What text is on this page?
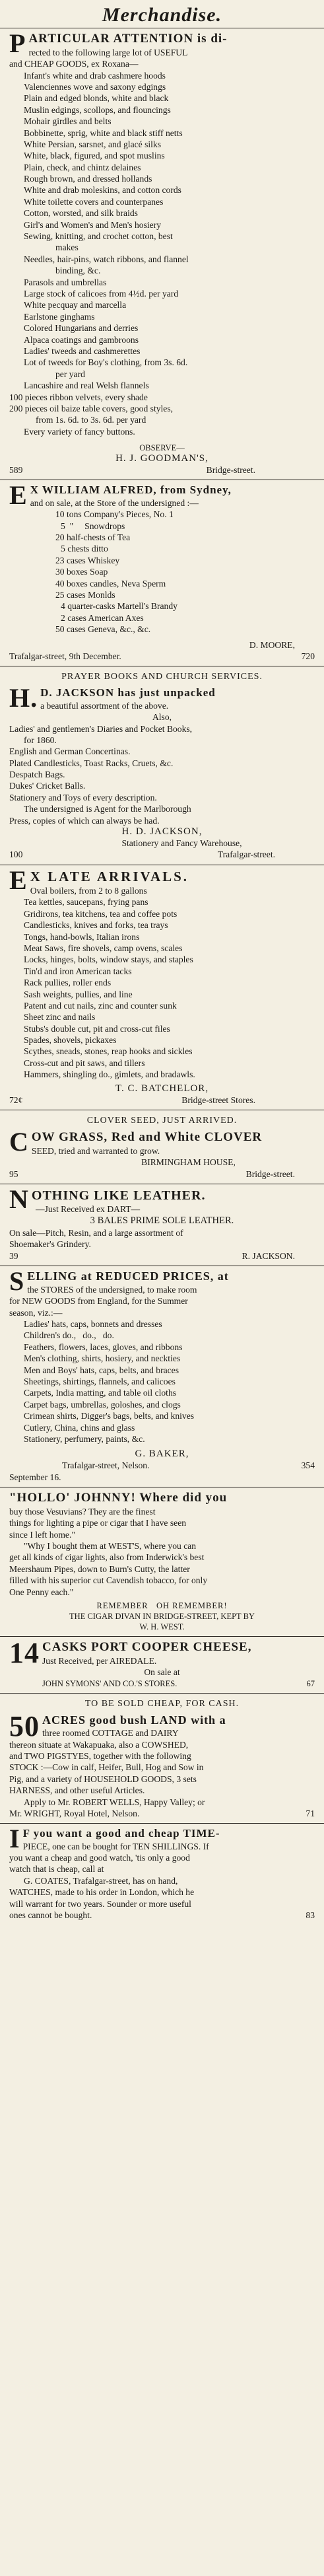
Merchandise.
P ARTICULAR ATTENTION is di-
rected to the following large lot of USEFUL
and CHEAP GOODS, ex Roxana—
Infant's white and drab cashmere hoods
Valenciennes wove and saxony edgings
Plain and edged blonds, white and black
Muslin edgings, scollops, and flouncings
Mohair girdles and belts
Bobbinette, sprig, white and black stiff netts
White Persian, sarsnet, and glacé silks
White, black, figured, and spot muslins
Plain, check, and chintz delaines
Rough brown, and dressed hollands
White and drab moleskins, and cotton cords
White toilette covers and counterpanes
Cotton, worsted, and silk braids
Girl's and Women's and Men's hosiery
Sewing, knitting, and crochet cotton, best
makes
Needles, hair-pins, watch ribbons, and flannel
binding, &c.
Parasols and umbrellas
Large stock of calicoes from 4½d. per yard
White pecquay and marcella
Earlstone ginghams
Colored Hungarians and derries
Alpaca coatings and gambroons
Ladies' tweeds and cashmerettes
Lot of tweeds for Boy's clothing, from 3s. 6d.
per yard
Lancashire and real Welsh flannels
100 pieces ribbon velvets, every shade
200 pieces oil baize table covers, good styles,
from 1s. 6d. to 3s. 6d. per yard
Every variety of fancy buttons.
OBSERVE—
H. J. GOODMAN'S,
589	Bridge-street.
E X WILLIAM ALFRED, from Sydney,
and on sale, at the Store of the undersigned :—
10 tons Company's Pieces, No. 1
5  "     Snowdrops
20 half-chests of Tea
5 chests ditto
23 cases Whiskey
30 boxes Soap
40 boxes candles, Neva Sperm
25 cases Monlds
4 quarter-casks Martell's Brandy
2 cases American Axes
50 cases Geneva, &c., &c.
D. MOORE,
Trafalgar-street, 9th December.	720
PRAYER BOOKS AND CHURCH SERVICES.
H. D. JACKSON has just unpacked
a beautiful assortment of the above.
Also,
Ladies' and gentlemen's Diaries and Pocket Books,
for 1860.
English and German Concertinas.
Plated Candlesticks, Toast Racks, Cruets, &c.
Despatch Bags.
Dukes' Cricket Balls.
Stationery and Toys of every description.
The undersigned is Agent for the Marlborough
Press, copies of which can always be had.
H. D. JACKSON,
Stationery and Fancy Warehouse,
100	Trafalgar-street.
E X LATE ARRIVALS.
Oval boilers, from 2 to 8 gallons
Tea kettles, saucepans, frying pans
Gridirons, tea kitchens, tea and coffee pots
Candlesticks, knives and forks, tea trays
Tongs, hand-bowls, Italian irons
Meat Saws, fire shovels, camp ovens, scales
Locks, hinges, bolts, window stays, and staples
Tin'd and iron American tacks
Rack pullies, roller ends
Sash weights, pullies, and line
Patent and cut nails, zinc and counter sunk
Sheet zinc and nails
Stubs's double cut, pit and cross-cut files
Spades, shovels, pickaxes
Scythes, sneads, stones, reap hooks and sickles
Cross-cut and pit saws, and tillers
Hammers, shingling do., gimlets, and bradawls.
T. C. BATCHELOR,
72¢	Bridge-street Stores.
CLOVER SEED, JUST ARRIVED.
C OW GRASS, Red and White CLOVER
SEED, tried and warranted to grow.
BIRMINGHAM HOUSE,
95	Bridge-street.
N OTHING LIKE LEATHER.
—Just Received ex DART—
3 BALES PRIME SOLE LEATHER.
On sale—Pitch, Resin, and a large assortment of
Shoemaker's Grindery.
39	R. JACKSON.
S ELLING at REDUCED PRICES, at
the STORES of the undersigned, to make room
for NEW GOODS from England, for the Summer
season, viz.:—
Ladies' hats, caps, bonnets and dresses
Children's do.,   do.,   do.
Feathers, flowers, laces, gloves, and ribbons
Men's clothing, shirts, hosiery, and neckties
Men and Boys' hats, caps, belts, and braces
Sheetings, shirtings, flannels, and calicoes
Carpets, India matting, and table oil cloths
Carpet bags, umbrellas, goloshes, and clogs
Crimean shirts, Digger's bags, belts, and knives
Cutlery, China, chins and glass
Stationery, perfumery, paints, &c.
G. BAKER,
Trafalgar-street, Nelson.	354
September 16.
"HOLLO' JOHNNY! Where did you
buy those Vesuvians? They are the finest
things for lighting a pipe or cigar that I have seen
since I left home."
"Why I bought them at WEST'S, where you can
get all kinds of cigar lights, also from Inderwick's best
Meershaum Pipes, down to Burn's Cutty, the latter
filled with his superior cut Cavendish tobacco, for only
One Penny each."
REMEMBER   OH REMEMBER!
THE CIGAR DIVAN IN BRIDGE-STREET, KEPT BY
W. H. WEST.
14 CASKS PORT COOPER CHEESE,
Just Received, per AIREDALE.
On sale at
JOHN SYMONS' AND CO.'S STORES.	67
TO BE SOLD CHEAP, FOR CASH.
50 ACRES good bush LAND with a
three roomed COTTAGE and DAIRY
thereon situate at Wakapuaka, also a COWSHED,
and TWO PIGSTYES, together with the following
STOCK :—Cow in calf, Heifer, Bull, Hog and Sow in
Pig, and a variety of HOUSEHOLD GOODS, 3 sets
HARNESS, and other useful Articles.
Apply to Mr. ROBERT WELLS, Happy Valley; or
Mr. WRIGHT, Royal Hotel, Nelson.	71
I F you want a good and cheap TIME-
PIECE, one can be bought for TEN SHILLINGS. If
you want a cheap and good watch, 'tis only a good
watch that is cheap, call at
G. COATES, Trafalgar-street, has on hand,
WATCHES, made to his order in London, which he
will warrant for two years. Sounder or more useful
ones cannot be bought.	83
